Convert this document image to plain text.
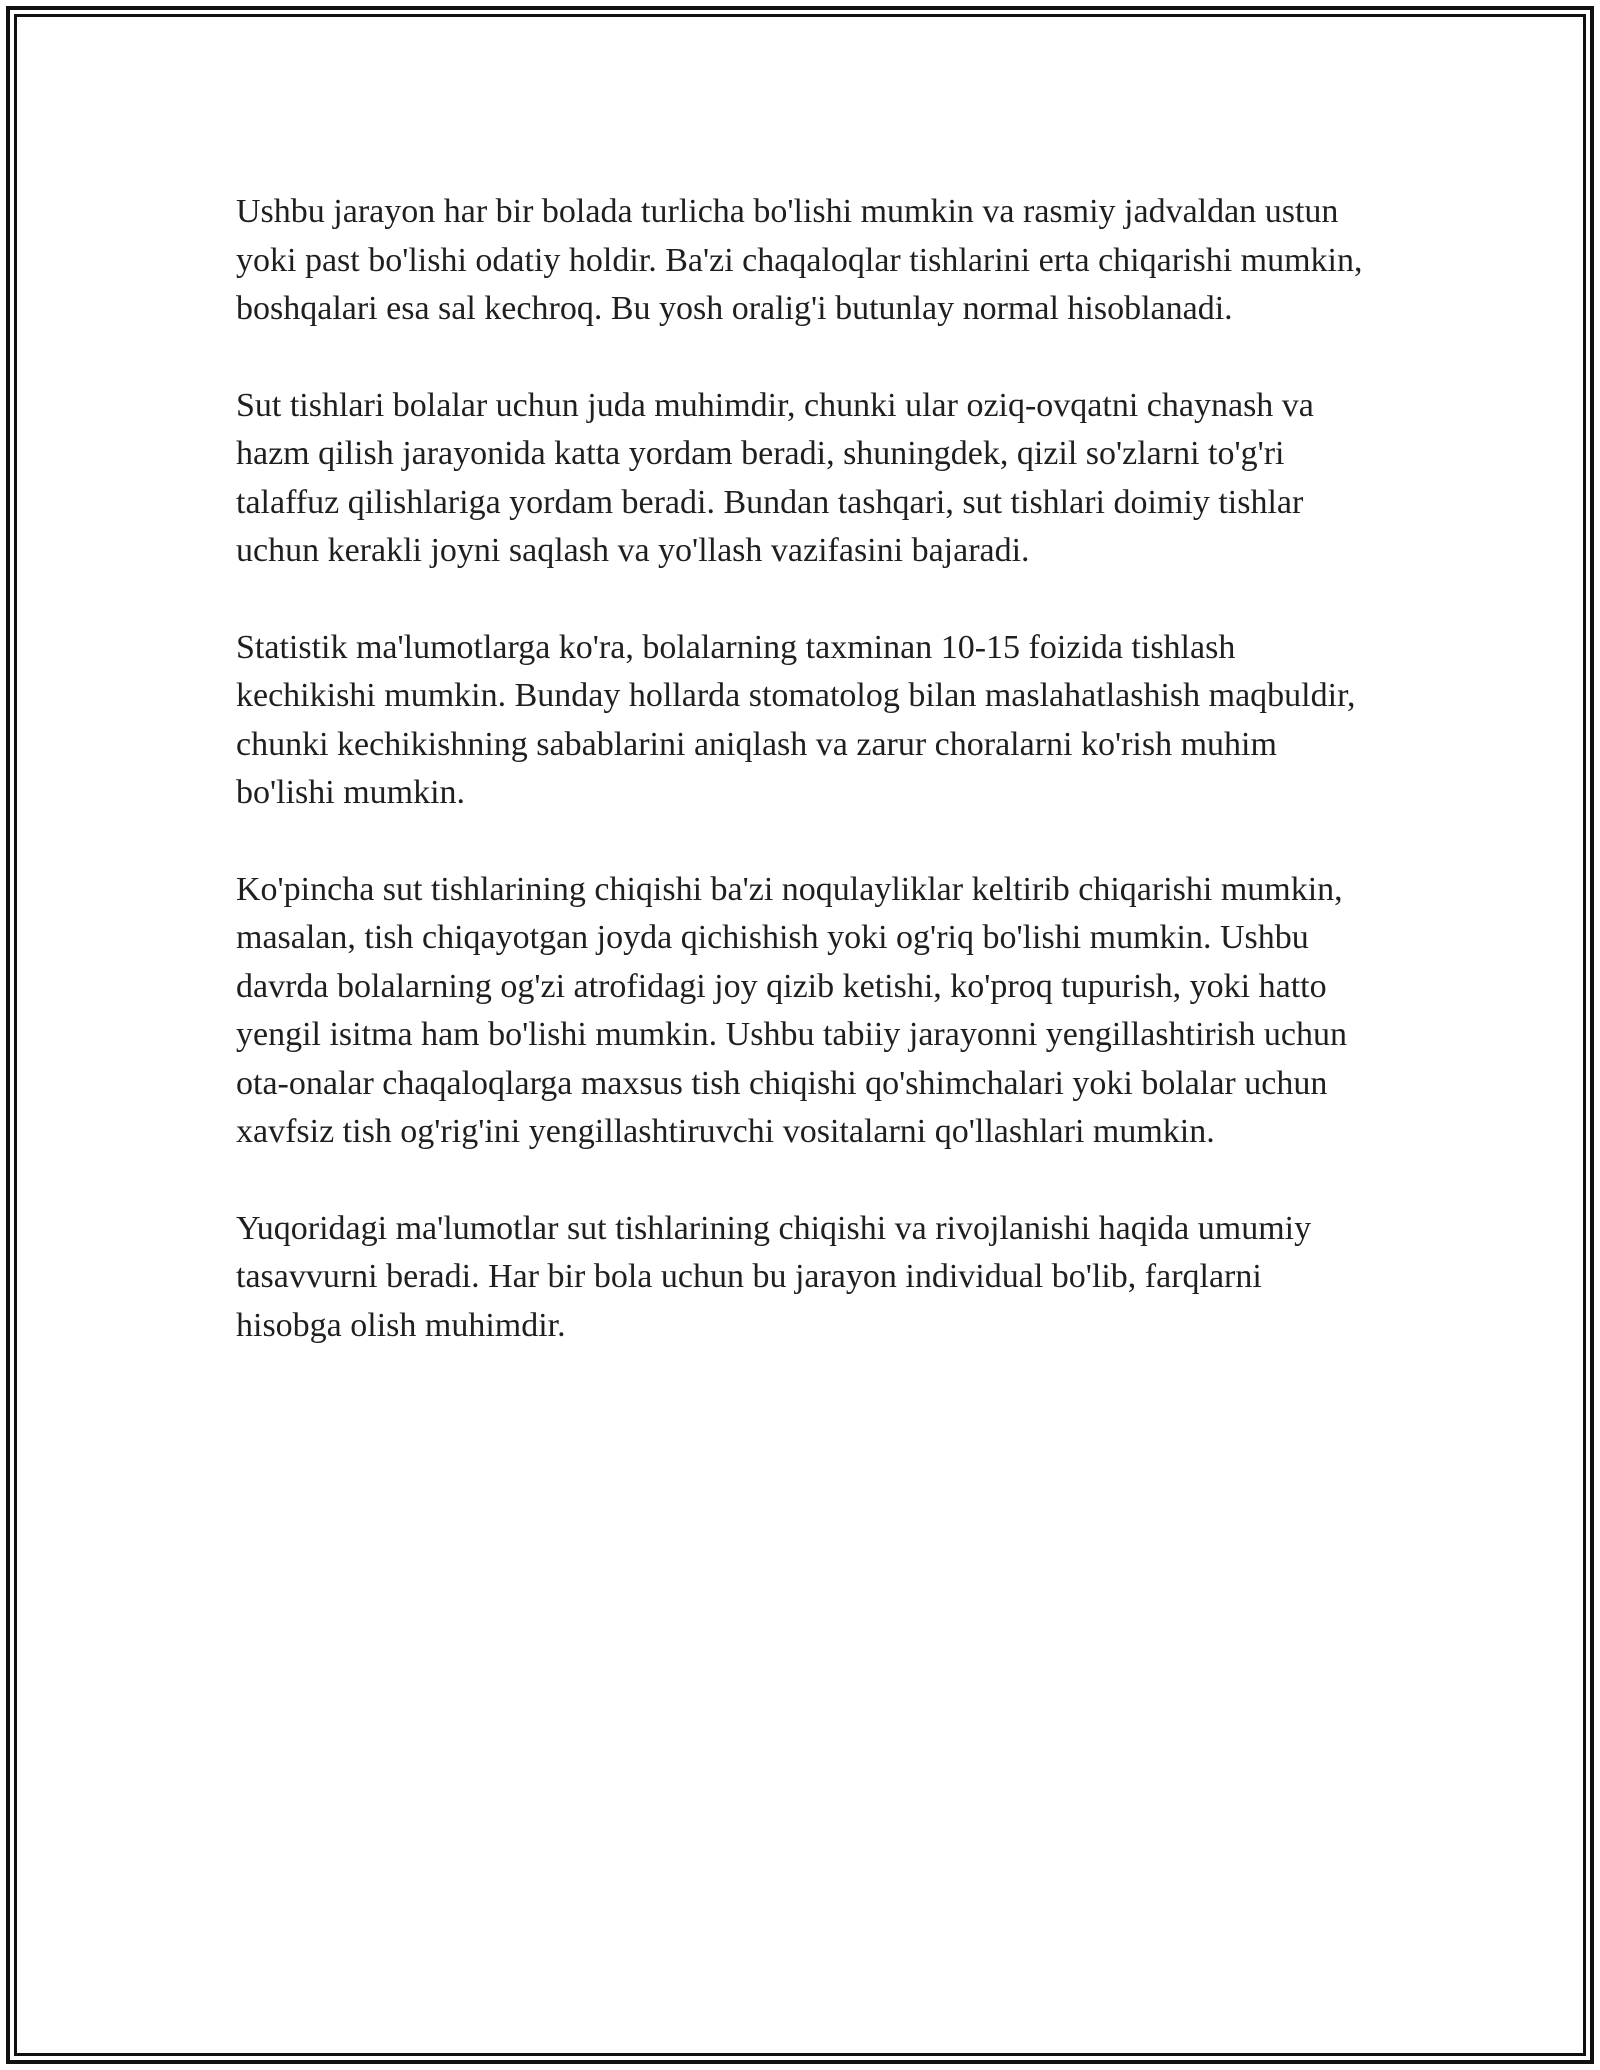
Ushbu jarayon har bir bolada turlicha bo'lishi mumkin va rasmiy jadvaldan ustun yoki past bo'lishi odatiy holdir. Ba'zi chaqaloqlar tishlarini erta chiqarishi mumkin, boshqalari esa sal kechroq. Bu yosh oralig'i butunlay normal hisoblanadi.

Sut tishlari bolalar uchun juda muhimdir, chunki ular oziq-ovqatni chaynash va hazm qilish jarayonida katta yordam beradi, shuningdek, qizil so'zlarni to'g'ri talaffuz qilishlariga yordam beradi. Bundan tashqari, sut tishlari doimiy tishlar uchun kerakli joyni saqlash va yo'llash vazifasini bajaradi.

Statistik ma'lumotlarga ko'ra, bolalarning taxminan 10-15 foizida tishlash kechikishi mumkin. Bunday hollarda stomatolog bilan maslahatlashish maqbuldir, chunki kechikishning sabablarini aniqlash va zarur choralarni ko'rish muhim bo'lishi mumkin.

Ko'pincha sut tishlarining chiqishi ba'zi noqulayliklar keltirib chiqarishi mumkin, masalan, tish chiqayotgan joyda qichishish yoki og'riq bo'lishi mumkin. Ushbu davrda bolalarning og'zi atrofidagi joy qizib ketishi, ko'proq tupurish, yoki hatto yengil isitma ham bo'lishi mumkin. Ushbu tabiiy jarayonni yengillashtirish uchun ota-onalar chaqaloqlarga maxsus tish chiqishi qo'shimchalari yoki bolalar uchun xavfsiz tish og'rig'ini yengillashtiruvchi vositalarni qo'llashlari mumkin.

Yuqoridagi ma'lumotlar sut tishlarining chiqishi va rivojlanishi haqida umumiy tasavvurni beradi. Har bir bola uchun bu jarayon individual bo'lib, farqlarni hisobga olish muhimdir.
